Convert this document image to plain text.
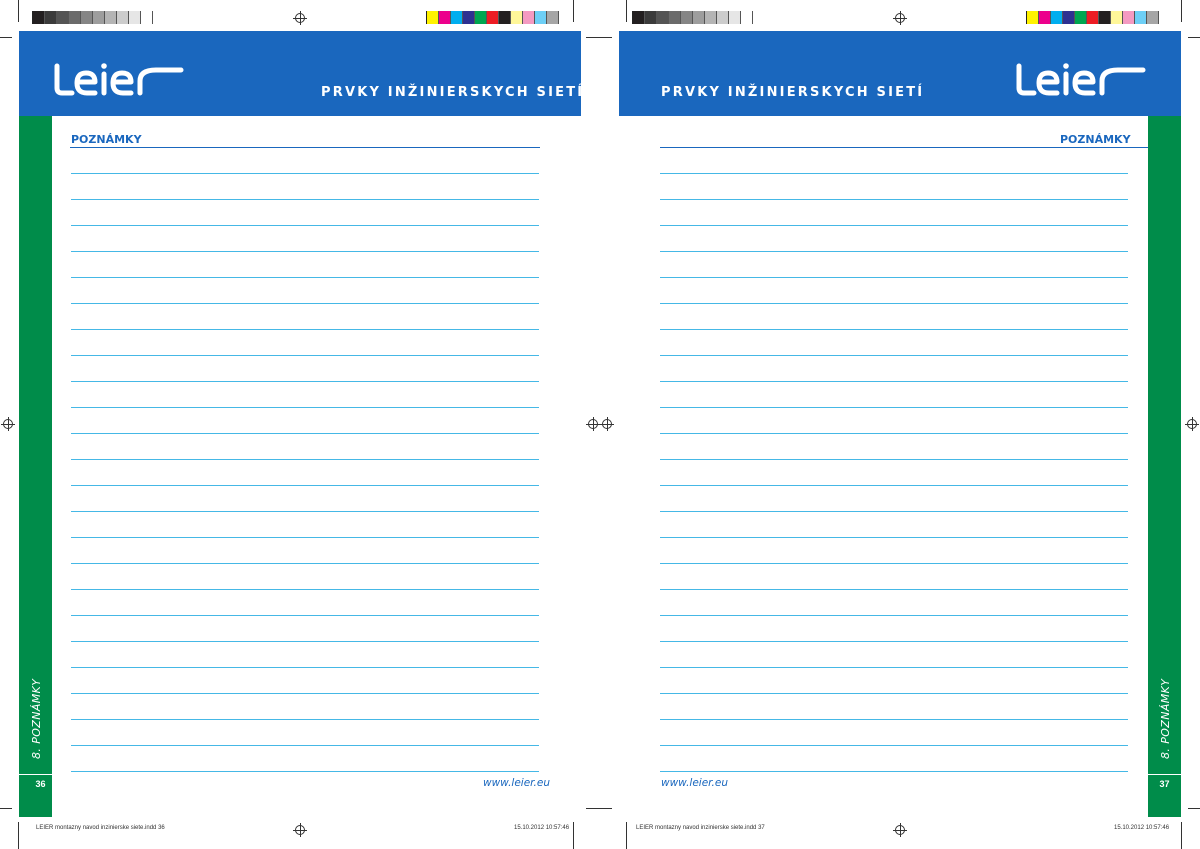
PRVKY INŽINIERSKYCH SIETÍ
8. POZNÁMKY
36
POZNÁMKY
www.leier.eu
LEIER montazny navod inzinierske siete.indd 36	15.10.2012 10:57:46
PRVKY INŽINIERSKYCH SIETÍ
8. POZNÁMKY
37
POZNÁMKY
www.leier.eu
LEIER montazny navod inzinierske siete.indd 37	15.10.2012 10:57:46
